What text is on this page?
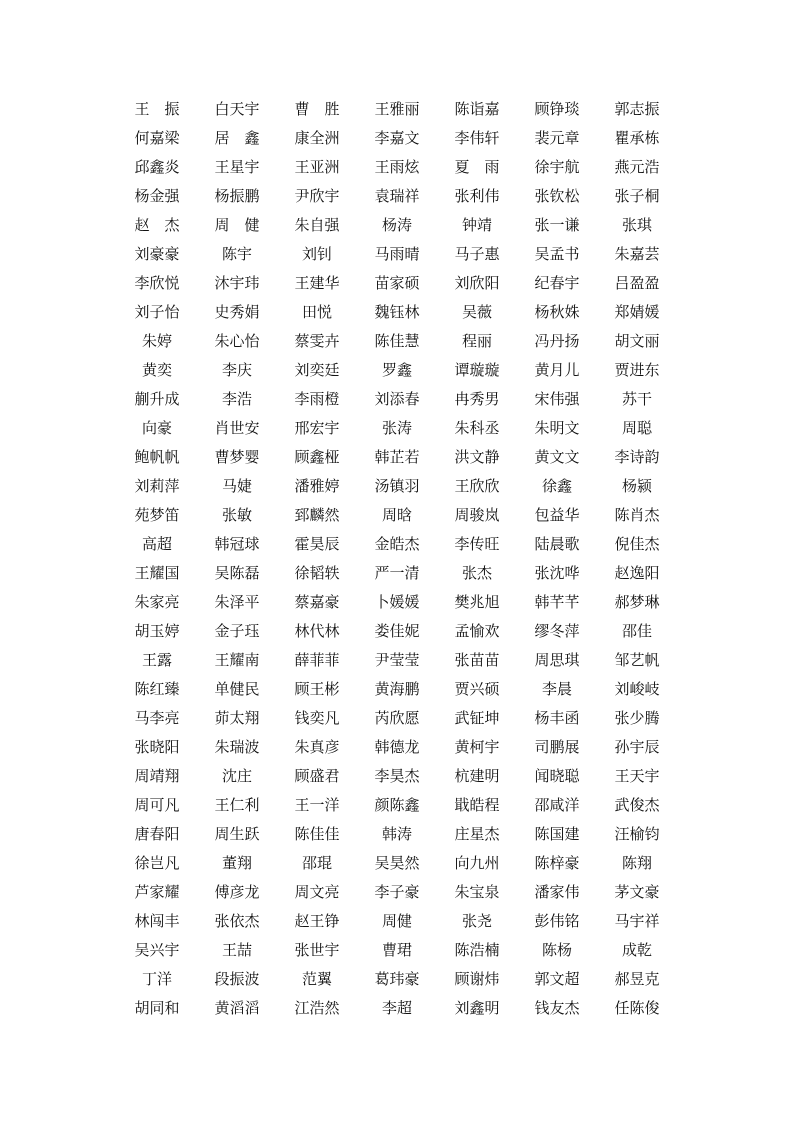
王　振	白天宇	曹　胜	王雅丽	陈诣嘉	顾铮琰	郭志振
何嘉梁	居　鑫	康全洲	李嘉文	李伟轩	裴元章	瞿承栋
邱鑫炎	王星宇	王亚洲	王雨炫	夏　雨	徐宇航	燕元浩
杨金强	杨振鹏	尹欣宇	袁瑞祥	张利伟	张钦松	张子桐
赵　杰	周　健	朱自强	杨涛	钟靖	张一谦	张琪
刘豪豪	陈宇	刘钊	马雨晴	马子惠	吴孟书	朱嘉芸
李欣悦	沐宇玮	王建华	苗家硕	刘欣阳	纪春宇	吕盈盈
刘子怡	史秀娟	田悦	魏钰林	吴薇	杨秋姝	郑婧媛
朱婷	朱心怡	蔡雯卉	陈佳慧	程丽	冯丹扬	胡文丽
黄奕	李庆	刘奕廷	罗鑫	谭璇璇	黄月儿	贾进东
蒯升成	李浩	李雨橙	刘添春	冉秀男	宋伟强	苏干
向豪	肖世安	邢宏宇	张涛	朱科丞	朱明文	周聪
鲍帆帆	曹梦婴	顾鑫桠	韩芷若	洪文静	黄文文	李诗韵
刘莉萍	马婕	潘雅婷	汤镇羽	王欣欣	徐鑫	杨颍
苑梦笛	张敏	郅麟然	周晗	周骏岚	包益华	陈肖杰
高超	韩冠球	霍昊辰	金皓杰	李传旺	陆晨歌	倪佳杰
王耀国	吴陈磊	徐韬轶	严一清	张杰	张沈哗	赵逸阳
朱家亮	朱泽平	蔡嘉豪	卜媛媛	樊兆旭	韩芊芊	郝梦琳
胡玉婷	金子珏	林代林	娄佳妮	孟愉欢	缪冬萍	邵佳
王露	王耀南	薛菲菲	尹莹莹	张苗苗	周思琪	邹艺帆
陈红臻	单健民	顾王彬	黄海鹏	贾兴硕	李晨	刘峻岐
马李亮	茆太翔	钱奕凡	芮欣愿	武钲坤	杨丰函	张少腾
张晓阳	朱瑞波	朱真彦	韩德龙	黄柯宇	司鹏展	孙宇辰
周靖翔	沈庄	顾盛君	李昊杰	杭建明	闻晓聪	王天宇
周可凡	王仁利	王一洋	颜陈鑫	戢皓程	邵咸洋	武俊杰
唐春阳	周生跃	陈佳佳	韩涛	庄星杰	陈国建	汪榆钧
徐岂凡	董翔	邵琨	吴昊然	向九州	陈梓豪	陈翔
芦家耀	傅彦龙	周文亮	李子豪	朱宝泉	潘家伟	茅文豪
林闯丰	张依杰	赵王铮	周健	张尧	彭伟铭	马宇祥
吴兴宇	王喆	张世宇	曹珺	陈浩楠	陈杨	成乾
丁洋	段振波	范翼	葛玮豪	顾谢炜	郭文超	郝昱克
胡同和	黄滔滔	江浩然	李超	刘鑫明	钱友杰	任陈俊
